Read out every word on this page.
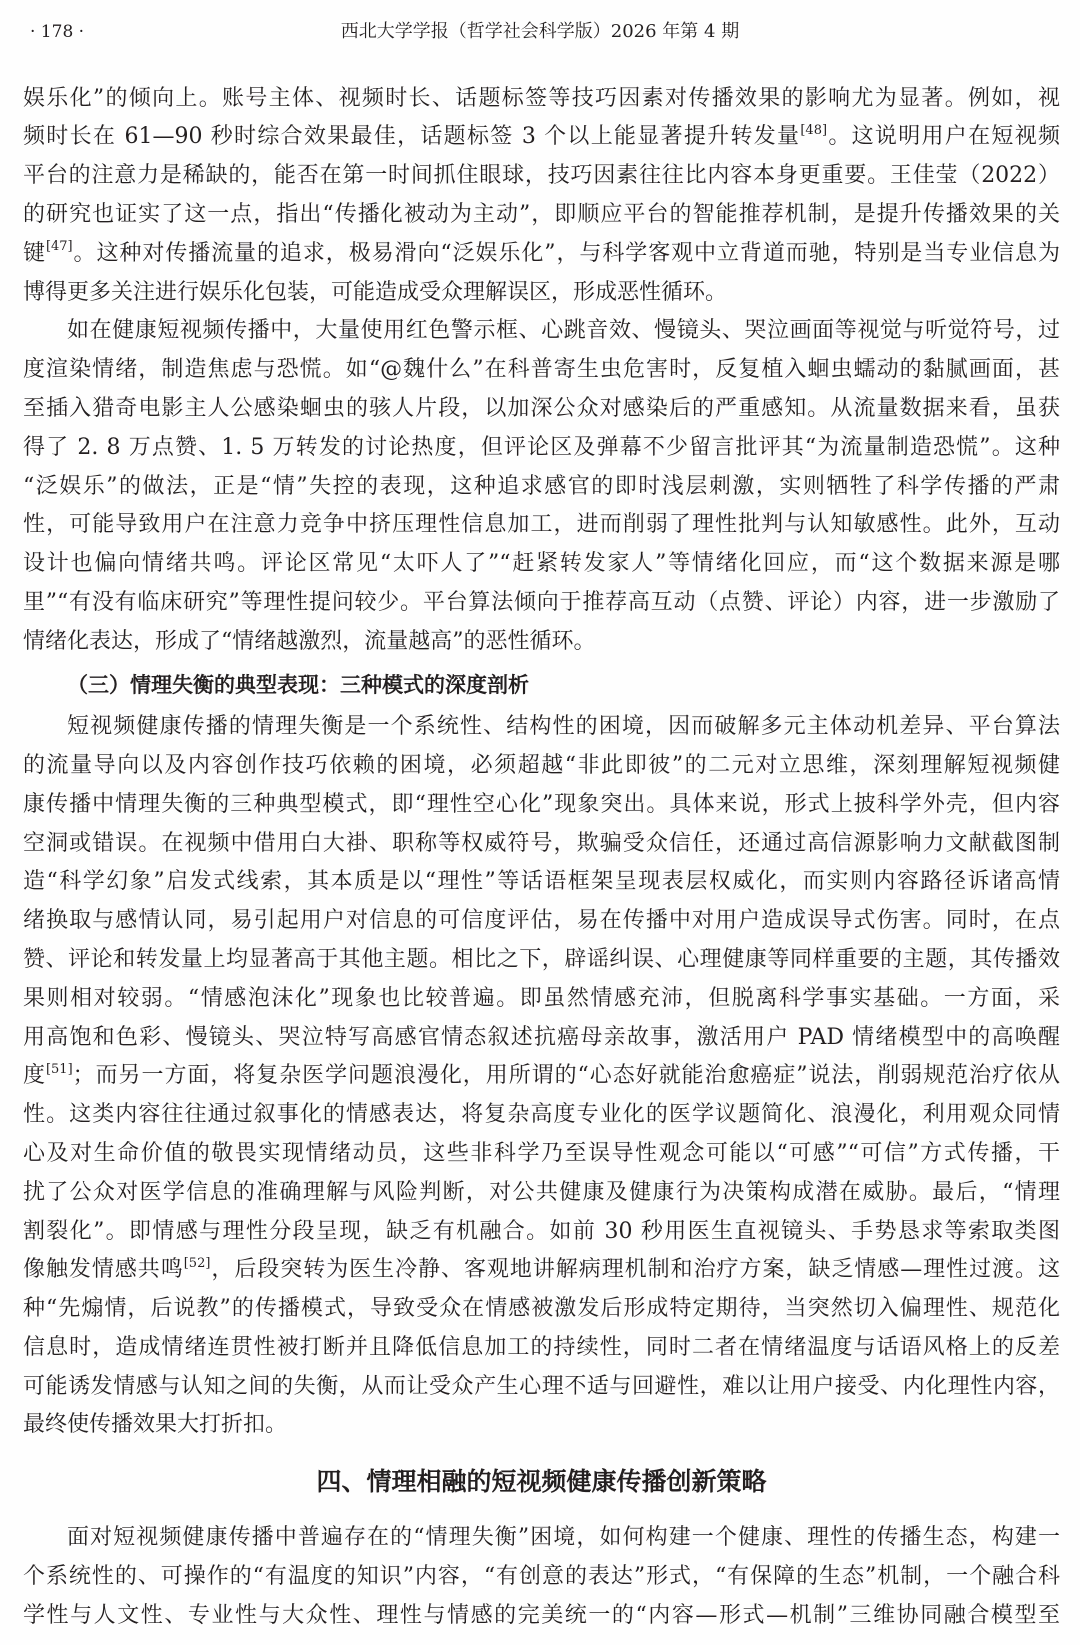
· 178 ·	西北大学学报（哲学社会科学版）2026 年第 4 期
娱乐化”的倾向上。账号主体、视频时长、话题标签等技巧因素对传播效果的影响尤为显著。例如，视
频时长在 61—90 秒时综合效果最佳，话题标签 3 个以上能显著提升转发量[48]。这说明用户在短视频
平台的注意力是稀缺的，能否在第一时间抓住眼球，技巧因素往往比内容本身更重要。王佳莹（2022）
的研究也证实了这一点，指出“传播化被动为主动”，即顺应平台的智能推荐机制，是提升传播效果的关
键[47]。这种对传播流量的追求，极易滑向“泛娱乐化”，与科学客观中立背道而驰，特别是当专业信息为
博得更多关注进行娱乐化包装，可能造成受众理解误区，形成恶性循环。
如在健康短视频传播中，大量使用红色警示框、心跳音效、慢镜头、哭泣画面等视觉与听觉符号，过
度渲染情绪，制造焦虑与恐慌。如“@魏什么”在科普寄生虫危害时，反复植入蛔虫蠕动的黏腻画面，甚
至插入猎奇电影主人公感染蛔虫的骇人片段，以加深公众对感染后的严重感知。从流量数据来看，虽获
得了 2. 8 万点赞、1. 5 万转发的讨论热度，但评论区及弹幕不少留言批评其“为流量制造恐慌”。这种
“泛娱乐”的做法，正是“情”失控的表现，这种追求感官的即时浅层刺激，实则牺牲了科学传播的严肃
性，可能导致用户在注意力竞争中挤压理性信息加工，进而削弱了理性批判与认知敏感性。此外，互动
设计也偏向情绪共鸣。评论区常见“太吓人了”“赶紧转发家人”等情绪化回应，而“这个数据来源是哪
里”“有没有临床研究”等理性提问较少。平台算法倾向于推荐高互动（点赞、评论）内容，进一步激励了
情绪化表达，形成了“情绪越激烈，流量越高”的恶性循环。
（三）情理失衡的典型表现：三种模式的深度剖析
短视频健康传播的情理失衡是一个系统性、结构性的困境，因而破解多元主体动机差异、平台算法
的流量导向以及内容创作技巧依赖的困境，必须超越“非此即彼”的二元对立思维，深刻理解短视频健
康传播中情理失衡的三种典型模式，即“理性空心化”现象突出。具体来说，形式上披科学外壳，但内容
空洞或错误。在视频中借用白大褂、职称等权威符号，欺骗受众信任，还通过高信源影响力文献截图制
造“科学幻象”启发式线索，其本质是以“理性”等话语框架呈现表层权威化，而实则内容路径诉诸高情
绪换取与感情认同，易引起用户对信息的可信度评估，易在传播中对用户造成误导式伤害。同时，在点
赞、评论和转发量上均显著高于其他主题。相比之下，辟谣纠误、心理健康等同样重要的主题，其传播效
果则相对较弱。“情感泡沫化”现象也比较普遍。即虽然情感充沛，但脱离科学事实基础。一方面，采
用高饱和色彩、慢镜头、哭泣特写高感官情态叙述抗癌母亲故事，激活用户 PAD 情绪模型中的高唤醒
度[51]；而另一方面，将复杂医学问题浪漫化，用所谓的“心态好就能治愈癌症”说法，削弱规范治疗依从
性。这类内容往往通过叙事化的情感表达，将复杂高度专业化的医学议题简化、浪漫化，利用观众同情
心及对生命价值的敬畏实现情绪动员，这些非科学乃至误导性观念可能以“可感”“可信”方式传播，干
扰了公众对医学信息的准确理解与风险判断，对公共健康及健康行为决策构成潜在威胁。最后，“情理
割裂化”。即情感与理性分段呈现，缺乏有机融合。如前 30 秒用医生直视镜头、手势恳求等索取类图
像触发情感共鸣[52]，后段突转为医生冷静、客观地讲解病理机制和治疗方案，缺乏情感—理性过渡。这
种“先煽情，后说教”的传播模式，导致受众在情感被激发后形成特定期待，当突然切入偏理性、规范化
信息时，造成情绪连贯性被打断并且降低信息加工的持续性，同时二者在情绪温度与话语风格上的反差
可能诱发情感与认知之间的失衡，从而让受众产生心理不适与回避性，难以让用户接受、内化理性内容，
最终使传播效果大打折扣。
四、情理相融的短视频健康传播创新策略
面对短视频健康传播中普遍存在的“情理失衡”困境，如何构建一个健康、理性的传播生态，构建一
个系统性的、可操作的“有温度的知识”内容，“有创意的表达”形式，“有保障的生态”机制，一个融合科
学性与人文性、专业性与大众性、理性与情感的完美统一的“内容—形式—机制”三维协同融合模型至
